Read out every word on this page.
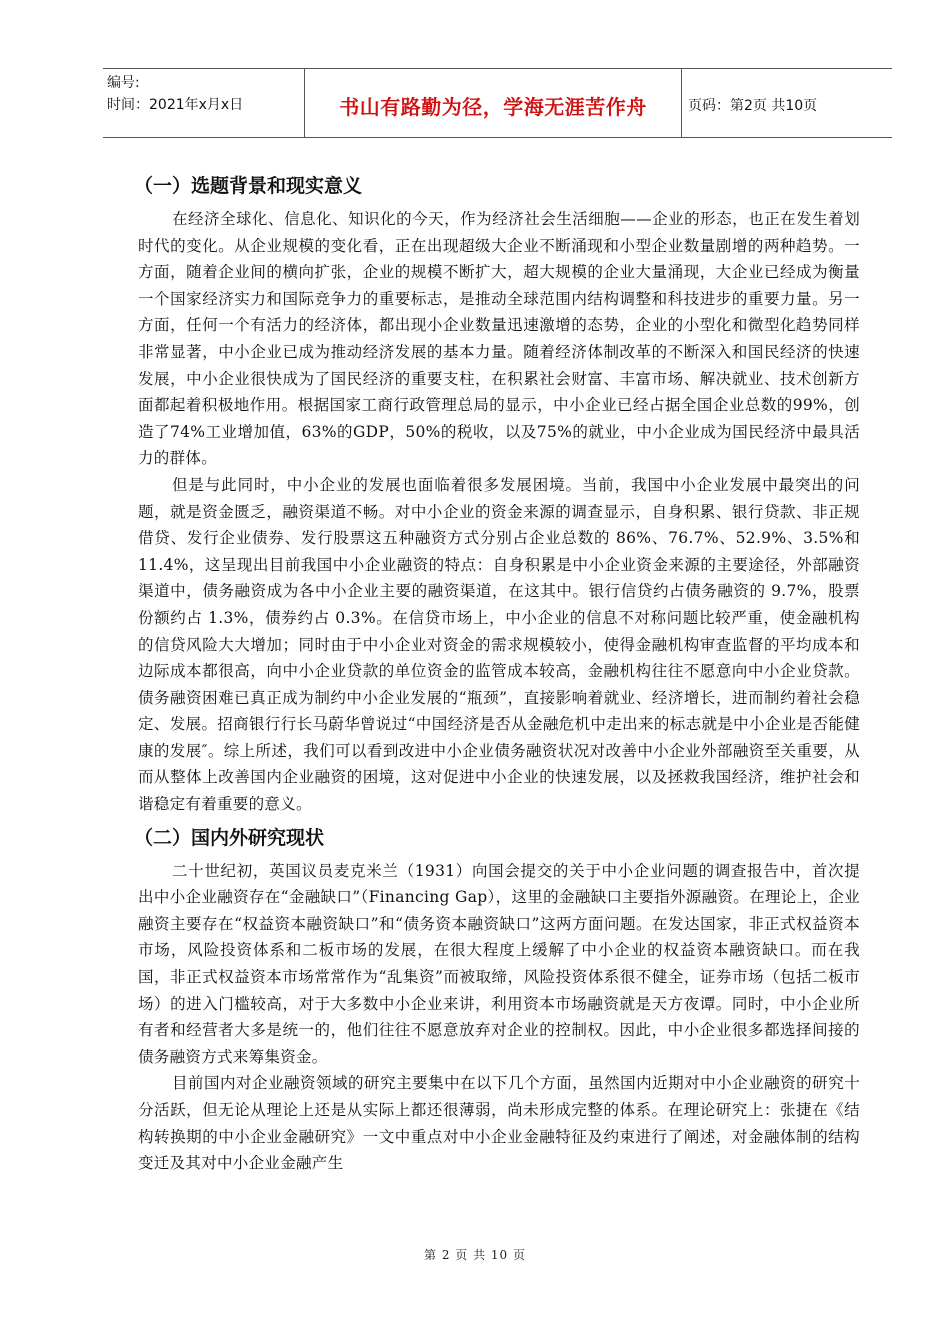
编号:
时间：2021年x月x日	书山有路勤为径，学海无涯苦作舟	页码：第2页 共10页
（一）选题背景和现实意义

在经济全球化、信息化、知识化的今天，作为经济社会生活细胞——企业的形态，也正在发生着划时代的变化。从企业规模的变化看，正在出现超级大企业不断涌现和小型企业数量剧增的两种趋势。一方面，随着企业间的横向扩张，企业的规模不断扩大，超大规模的企业大量涌现，大企业已经成为衡量一个国家经济实力和国际竞争力的重要标志，是推动全球范围内结构调整和科技进步的重要力量。另一方面，任何一个有活力的经济体，都出现小企业数量迅速激增的态势，企业的小型化和微型化趋势同样非常显著，中小企业已成为推动经济发展的基本力量。随着经济体制改革的不断深入和国民经济的快速发展，中小企业很快成为了国民经济的重要支柱，在积累社会财富、丰富市场、解决就业、技术创新方面都起着积极地作用。根据国家工商行政管理总局的显示，中小企业已经占据全国企业总数的99%，创造了74%工业增加值，63%的GDP，50%的税收，以及75%的就业，中小企业成为国民经济中最具活力的群体。

但是与此同时，中小企业的发展也面临着很多发展困境。当前，我国中小企业发展中最突出的问题，就是资金匮乏，融资渠道不畅。对中小企业的资金来源的调查显示，自身积累、银行贷款、非正规借贷、发行企业债券、发行股票这五种融资方式分别占企业总数的 86%、76.7%、52.9%、3.5%和 11.4%，这呈现出目前我国中小企业融资的特点：自身积累是中小企业资金来源的主要途径，外部融资渠道中，债务融资成为各中小企业主要的融资渠道，在这其中。银行信贷约占债务融资的 9.7%，股票份额约占 1.3%，债券约占 0.3%。在信贷市场上，中小企业的信息不对称问题比较严重，使金融机构的信贷风险大大增加；同时由于中小企业对资金的需求规模较小，使得金融机构审查监督的平均成本和边际成本都很高，向中小企业贷款的单位资金的监管成本较高，金融机构往往不愿意向中小企业贷款。债务融资困难已真正成为制约中小企业发展的“瓶颈”，直接影响着就业、经济增长，进而制约着社会稳定、发展。招商银行行长马蔚华曾说过“中国经济是否从金融危机中走出来的标志就是中小企业是否能健康的发展″。综上所述，我们可以看到改进中小企业债务融资状况对改善中小企业外部融资至关重要，从而从整体上改善国内企业融资的困境，这对促进中小企业的快速发展，以及拯救我国经济，维护社会和谐稳定有着重要的意义。

（二）国内外研究现状

二十世纪初，英国议员麦克米兰（1931）向国会提交的关于中小企业问题的调查报告中，首次提出中小企业融资存在“金融缺口”（Financing Gap），这里的金融缺口主要指外源融资。在理论上，企业融资主要存在“权益资本融资缺口”和“债务资本融资缺口”这两方面问题。在发达国家，非正式权益资本市场，风险投资体系和二板市场的发展，在很大程度上缓解了中小企业的权益资本融资缺口。而在我国，非正式权益资本市场常常作为“乱集资”而被取缔，风险投资体系很不健全，证券市场（包括二板市场）的进入门槛较高，对于大多数中小企业来讲，利用资本市场融资就是天方夜谭。同时，中小企业所有者和经营者大多是统一的，他们往往不愿意放弃对企业的控制权。因此，中小企业很多都选择间接的债务融资方式来筹集资金。

目前国内对企业融资领域的研究主要集中在以下几个方面，虽然国内近期对中小企业融资的研究十分活跃，但无论从理论上还是从实际上都还很薄弱，尚未形成完整的体系。在理论研究上：张捷在《结构转换期的中小企业金融研究》一文中重点对中小企业金融特征及约束进行了阐述，对金融体制的结构变迁及其对中小企业金融产生

第 2 页 共 10 页
